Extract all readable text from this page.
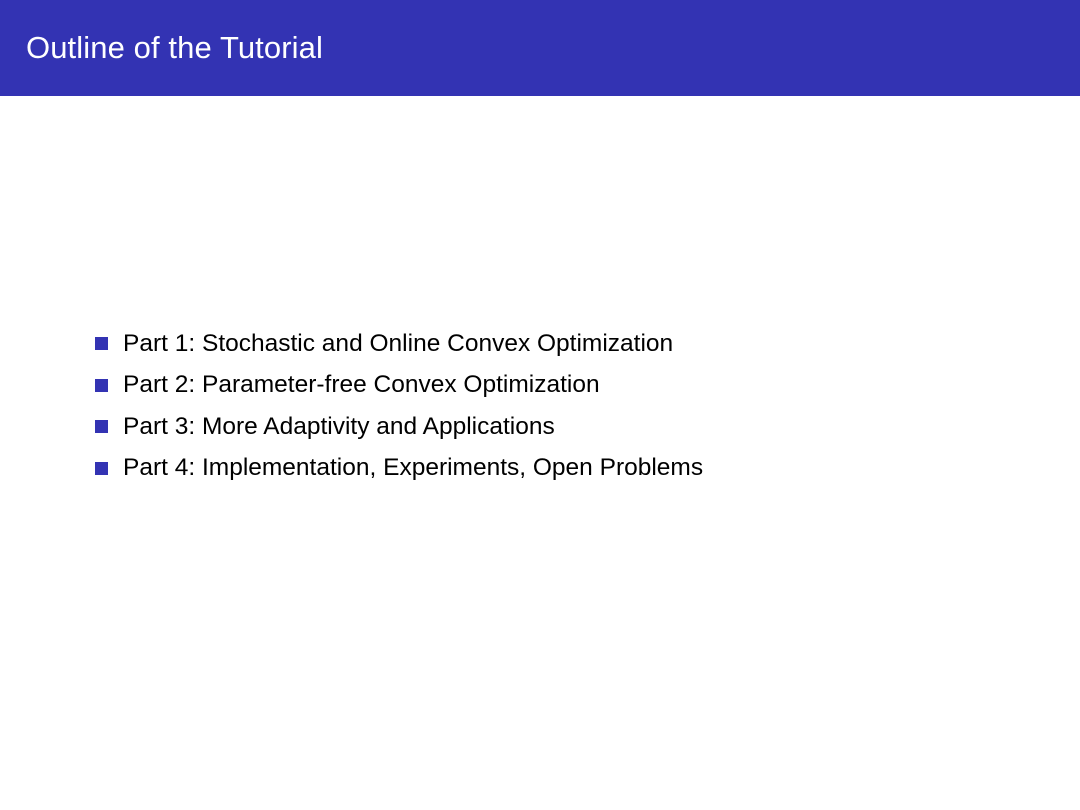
Outline of the Tutorial
Part 1: Stochastic and Online Convex Optimization
Part 2: Parameter-free Convex Optimization
Part 3: More Adaptivity and Applications
Part 4: Implementation, Experiments, Open Problems
